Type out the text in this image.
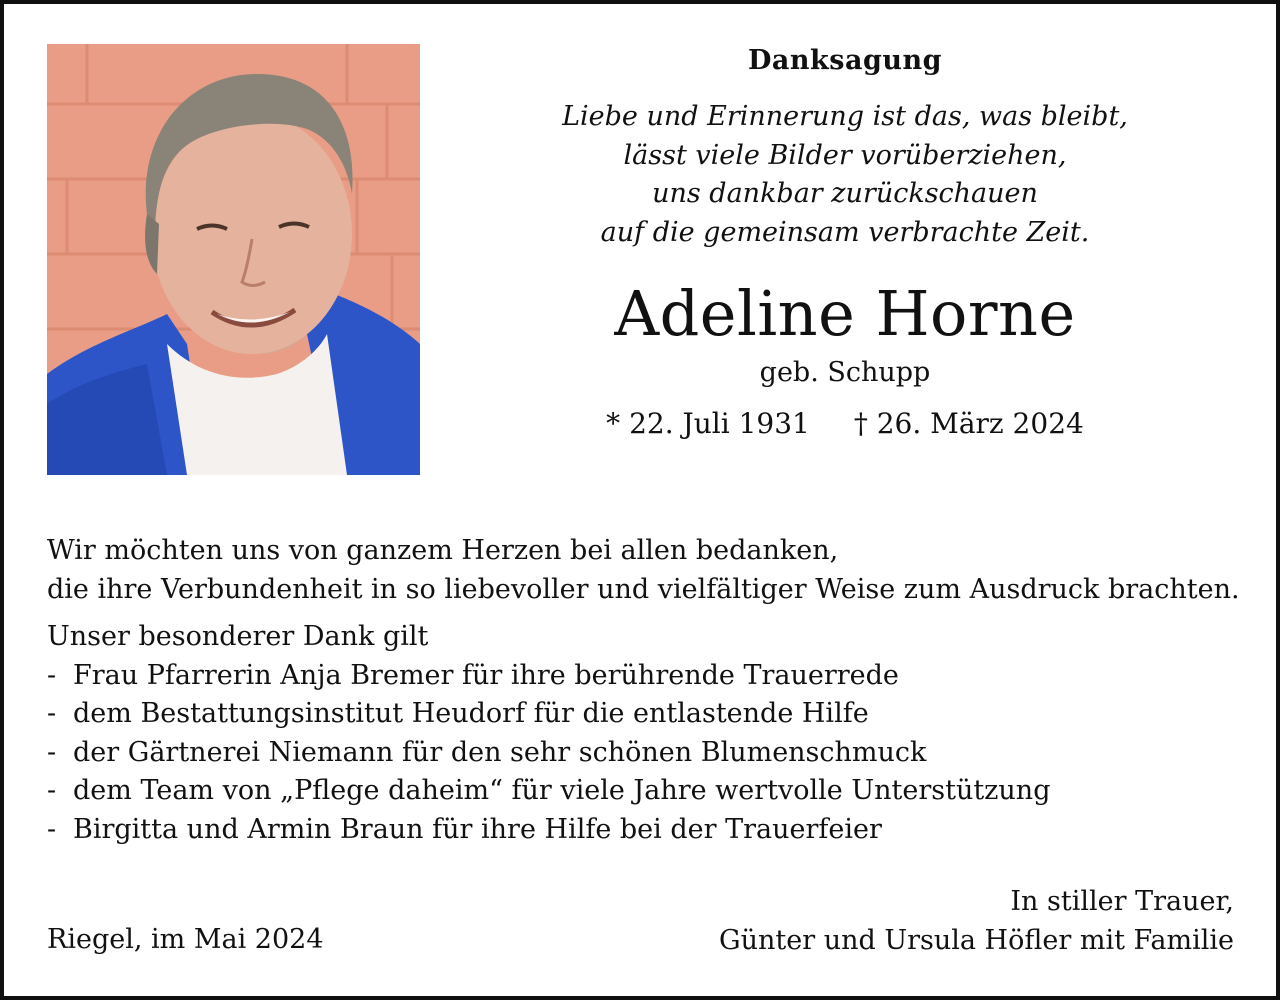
Danksagung
Liebe und Erinnerung ist das, was bleibt,
lässt viele Bilder vorüberziehen,
uns dankbar zurückschauen
auf die gemeinsam verbrachte Zeit.
Adeline Horne
geb. Schupp
* 22. Juli 1931 † 26. März 2024
Wir möchten uns von ganzem Herzen bei allen bedanken,
die ihre Verbundenheit in so liebevoller und vielfältiger Weise zum Ausdruck brachten.
Unser besonderer Dank gilt
- Frau Pfarrerin Anja Bremer für ihre berührende Trauerrede
- dem Bestattungsinstitut Heudorf für die entlastende Hilfe
- der Gärtnerei Niemann für den sehr schönen Blumenschmuck
- dem Team von „Pflege daheim“ für viele Jahre wertvolle Unterstützung
- Birgitta und Armin Braun für ihre Hilfe bei der Trauerfeier
In stiller Trauer,
Günter und Ursula Höfler mit Familie
Riegel, im Mai 2024
